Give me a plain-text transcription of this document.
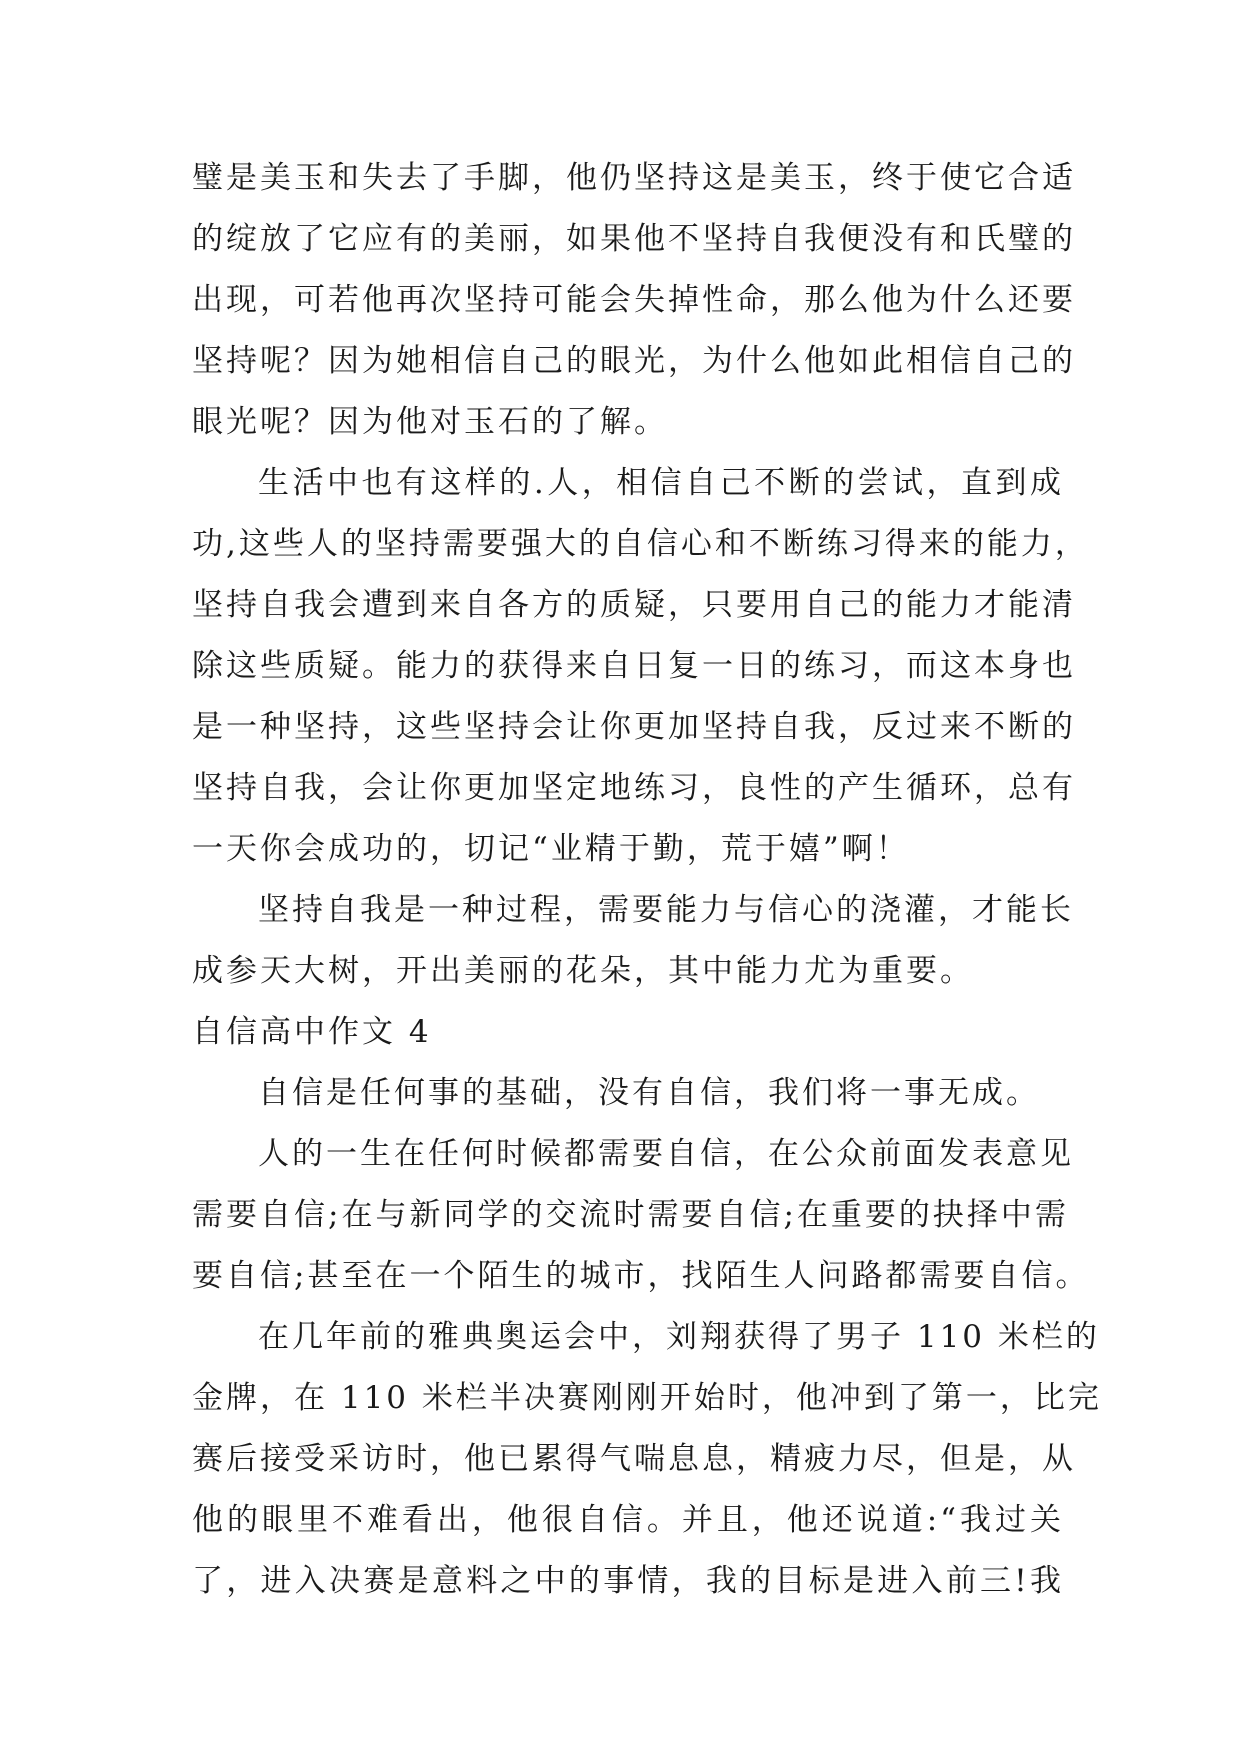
璧是美玉和失去了手脚，他仍坚持这是美玉，终于使它合适
的绽放了它应有的美丽，如果他不坚持自我便没有和氏璧的
出现，可若他再次坚持可能会失掉性命，那么他为什么还要
坚持呢？因为她相信自己的眼光，为什么他如此相信自己的
眼光呢？因为他对玉石的了解。
生活中也有这样的.人，相信自己不断的尝试，直到成
功,这些人的坚持需要强大的自信心和不断练习得来的能力，
坚持自我会遭到来自各方的质疑，只要用自己的能力才能清
除这些质疑。能力的获得来自日复一日的练习，而这本身也
是一种坚持，这些坚持会让你更加坚持自我，反过来不断的
坚持自我，会让你更加坚定地练习，良性的产生循环，总有
一天你会成功的，切记“业精于勤，荒于嬉”啊！
坚持自我是一种过程，需要能力与信心的浇灌，才能长
成参天大树，开出美丽的花朵，其中能力尤为重要。
自信高中作文 4
自信是任何事的基础，没有自信，我们将一事无成。
人的一生在任何时候都需要自信，在公众前面发表意见
需要自信;在与新同学的交流时需要自信;在重要的抉择中需
要自信;甚至在一个陌生的城市，找陌生人问路都需要自信。
在几年前的雅典奥运会中，刘翔获得了男子 110 米栏的
金牌，在 110 米栏半决赛刚刚开始时，他冲到了第一，比完
赛后接受采访时，他已累得气喘息息，精疲力尽，但是，从
他的眼里不难看出，他很自信。并且，他还说道:“我过关
了，进入决赛是意料之中的事情，我的目标是进入前三!我
